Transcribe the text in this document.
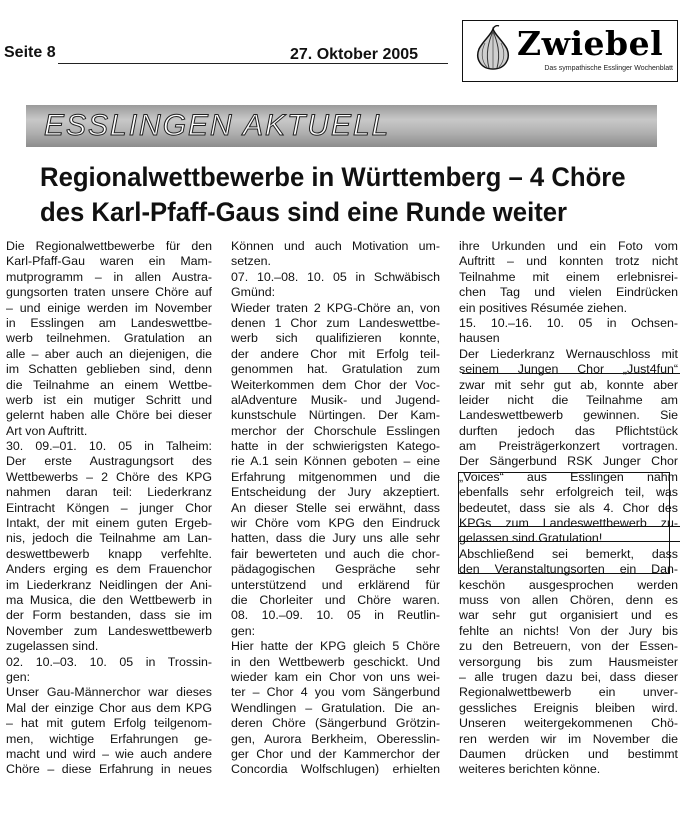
Seite 8	27. Oktober 2005	Zwiebel
Das sympathische Esslinger Wochenblatt
ESSLINGEN AKTUELL
Regionalwettbewerbe in Württemberg – 4 Chöre
des Karl-Pfaff-Gaus sind eine Runde weiter
Die Regionalwettbewerbe für den
Karl-Pfaff-Gau waren ein Mam-
mutprogramm – in allen Austra-
gungsorten traten unsere Chöre auf
– und einige werden im November
in Esslingen am Landeswettbe-
werb teilnehmen. Gratulation an
alle – aber auch an diejenigen, die
im Schatten geblieben sind, denn
die Teilnahme an einem Wettbe-
werb ist ein mutiger Schritt und
gelernt haben alle Chöre bei dieser
Art von Auftritt.
30. 09.–01. 10. 05 in Talheim:
Der erste Austragungsort des
Wettbewerbs – 2 Chöre des KPG
nahmen daran teil: Liederkranz
Eintracht Köngen – junger Chor
Intakt, der mit einem guten Ergeb-
nis, jedoch die Teilnahme am Lan-
deswettbewerb knapp verfehlte.
Anders erging es dem Frauenchor
im Liederkranz Neidlingen der Ani-
ma Musica, die den Wettbewerb in
der Form bestanden, dass sie im
November zum Landeswettbewerb
zugelassen sind.
02. 10.–03. 10. 05 in Trossin-
gen:
Unser Gau-Männerchor war dieses
Mal der einzige Chor aus dem KPG
– hat mit gutem Erfolg teilgenom-
men, wichtige Erfahrungen ge-
macht und wird – wie auch andere
Chöre – diese Erfahrung in neues
Können und auch Motivation um-
setzen.
07. 10.–08. 10. 05 in Schwäbisch
Gmünd:
Wieder traten 2 KPG-Chöre an, von
denen 1 Chor zum Landeswettbe-
werb sich qualifizieren konnte,
der andere Chor mit Erfolg teil-
genommen hat. Gratulation zum
Weiterkommen dem Chor der Voc-
alAdventure Musik- und Jugend-
kunstschule Nürtingen. Der Kam-
merchor der Chorschule Esslingen
hatte in der schwierigsten Katego-
rie A.1 sein Können geboten – eine
Erfahrung mitgenommen und die
Entscheidung der Jury akzeptiert.
An dieser Stelle sei erwähnt, dass
wir Chöre vom KPG den Eindruck
hatten, dass die Jury uns alle sehr
fair bewerteten und auch die chor-
pädagogischen Gespräche sehr
unterstützend und erklärend für
die Chorleiter und Chöre waren.
08. 10.–09. 10. 05 in Reutlin-
gen:
Hier hatte der KPG gleich 5 Chöre
in den Wettbewerb geschickt. Und
wieder kam ein Chor von uns wei-
ter – Chor 4 you vom Sängerbund
Wendlingen – Gratulation. Die an-
deren Chöre (Sängerbund Grötzin-
gen, Aurora Berkheim, Oberesslin-
ger Chor und der Kammerchor der
Concordia Wolfschlugen) erhielten
ihre Urkunden und ein Foto vom
Auftritt – und konnten trotz nicht
Teilnahme mit einem erlebnisrei-
chen Tag und vielen Eindrücken
ein positives Résumée ziehen.
15. 10.–16. 10. 05 in Ochsen-
hausen
Der Liederkranz Wernauschloss mit
seinem Jungen Chor „Just4fun“
zwar mit sehr gut ab, konnte aber
leider nicht die Teilnahme am
Landeswettbewerb gewinnen. Sie
durften jedoch das Pflichtstück
am Preisträgerkonzert vortragen.
Der Sängerbund RSK Junger Chor
„Voices“ aus Esslingen nahm
ebenfalls sehr erfolgreich teil, was
bedeutet, dass sie als 4. Chor des
KPGs zum Landeswettbewerb zu-
gelassen sind.Gratulation!
Abschließend sei bemerkt, dass
den Veranstaltungsorten ein Dan-
keschön ausgesprochen werden
muss von allen Chören, denn es
war sehr gut organisiert und es
fehlte an nichts! Von der Jury bis
zu den Betreuern, von der Essen-
versorgung bis zum Hausmeister
– alle trugen dazu bei, dass dieser
Regionalwettbewerb ein unver-
gessliches Ereignis bleiben wird.
Unseren weitergekommenen Chö-
ren werden wir im November die
Daumen drücken und bestimmt
weiteres berichten könne.
